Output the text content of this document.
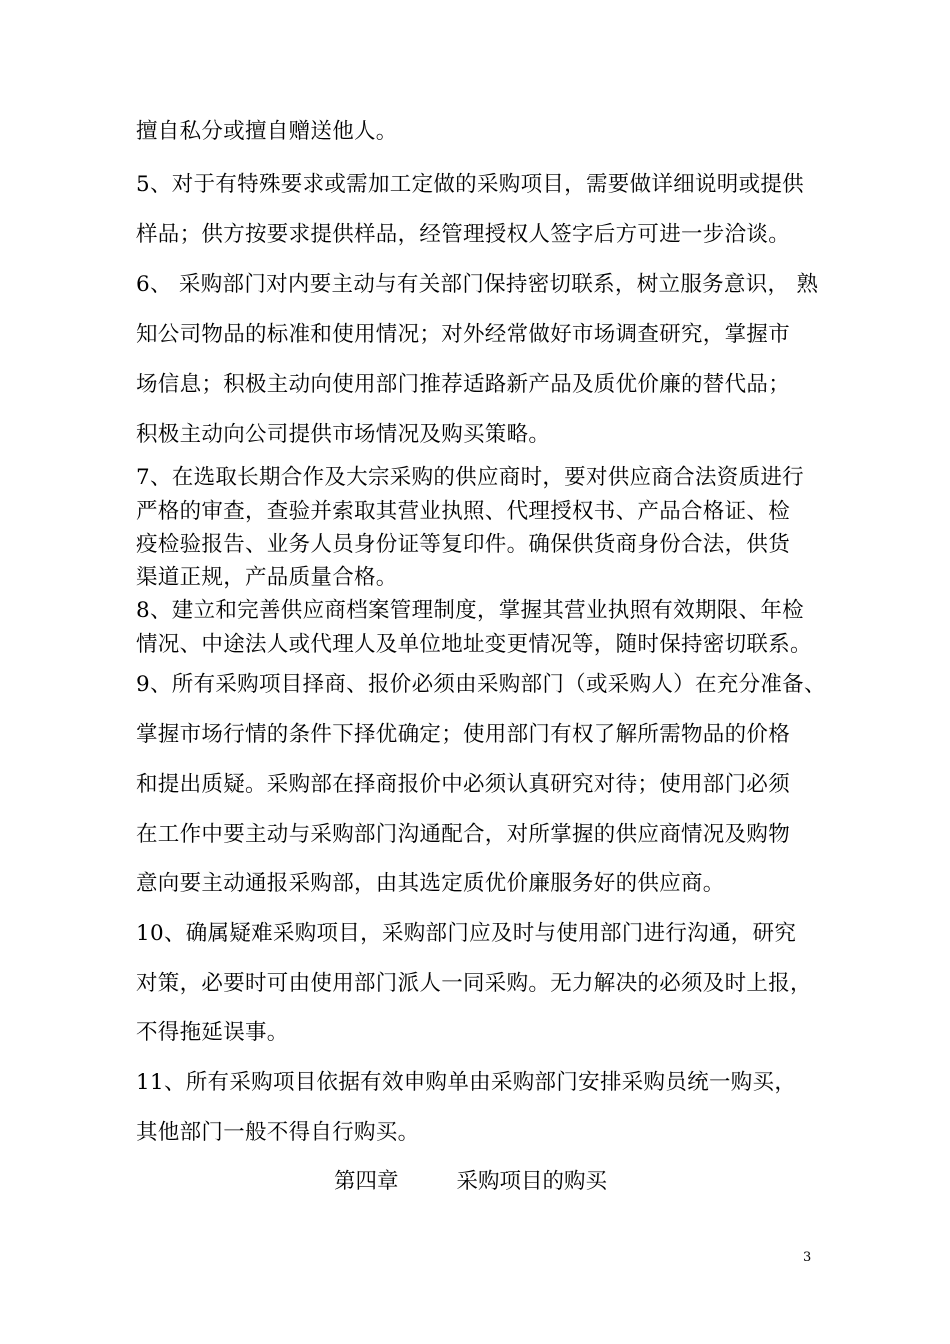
擅自私分或擅自赠送他人。
5、对于有特殊要求或需加工定做的采购项目，需要做详细说明或提供
样品；供方按要求提供样品，经管理授权人签字后方可进一步洽谈。
6、 采购部门对内要主动与有关部门保持密切联系，树立服务意识， 熟
知公司物品的标准和使用情况；对外经常做好市场调查研究，掌握市
场信息；积极主动向使用部门推荐适路新产品及质优价廉的替代品；
积极主动向公司提供市场情况及购买策略。
7、在选取长期合作及大宗采购的供应商时，要对供应商合法资质进行
严格的审查，查验并索取其营业执照、代理授权书、产品合格证、检
疫检验报告、业务人员身份证等复印件。确保供货商身份合法，供货
渠道正规，产品质量合格。
8、建立和完善供应商档案管理制度，掌握其营业执照有效期限、年检
情况、中途法人或代理人及单位地址变更情况等，随时保持密切联系。
9、所有采购项目择商、报价必须由采购部门（或采购人）在充分准备、
掌握市场行情的条件下择优确定；使用部门有权了解所需物品的价格
和提出质疑。采购部在择商报价中必须认真研究对待；使用部门必须
在工作中要主动与采购部门沟通配合，对所掌握的供应商情况及购物
意向要主动通报采购部，由其选定质优价廉服务好的供应商。
10、确属疑难采购项目，采购部门应及时与使用部门进行沟通，研究
对策，必要时可由使用部门派人一同采购。无力解决的必须及时上报，
不得拖延误事。
11、所有采购项目依据有效申购单由采购部门安排采购员统一购买，
其他部门一般不得自行购买。
第四章	采购项目的购买
3
